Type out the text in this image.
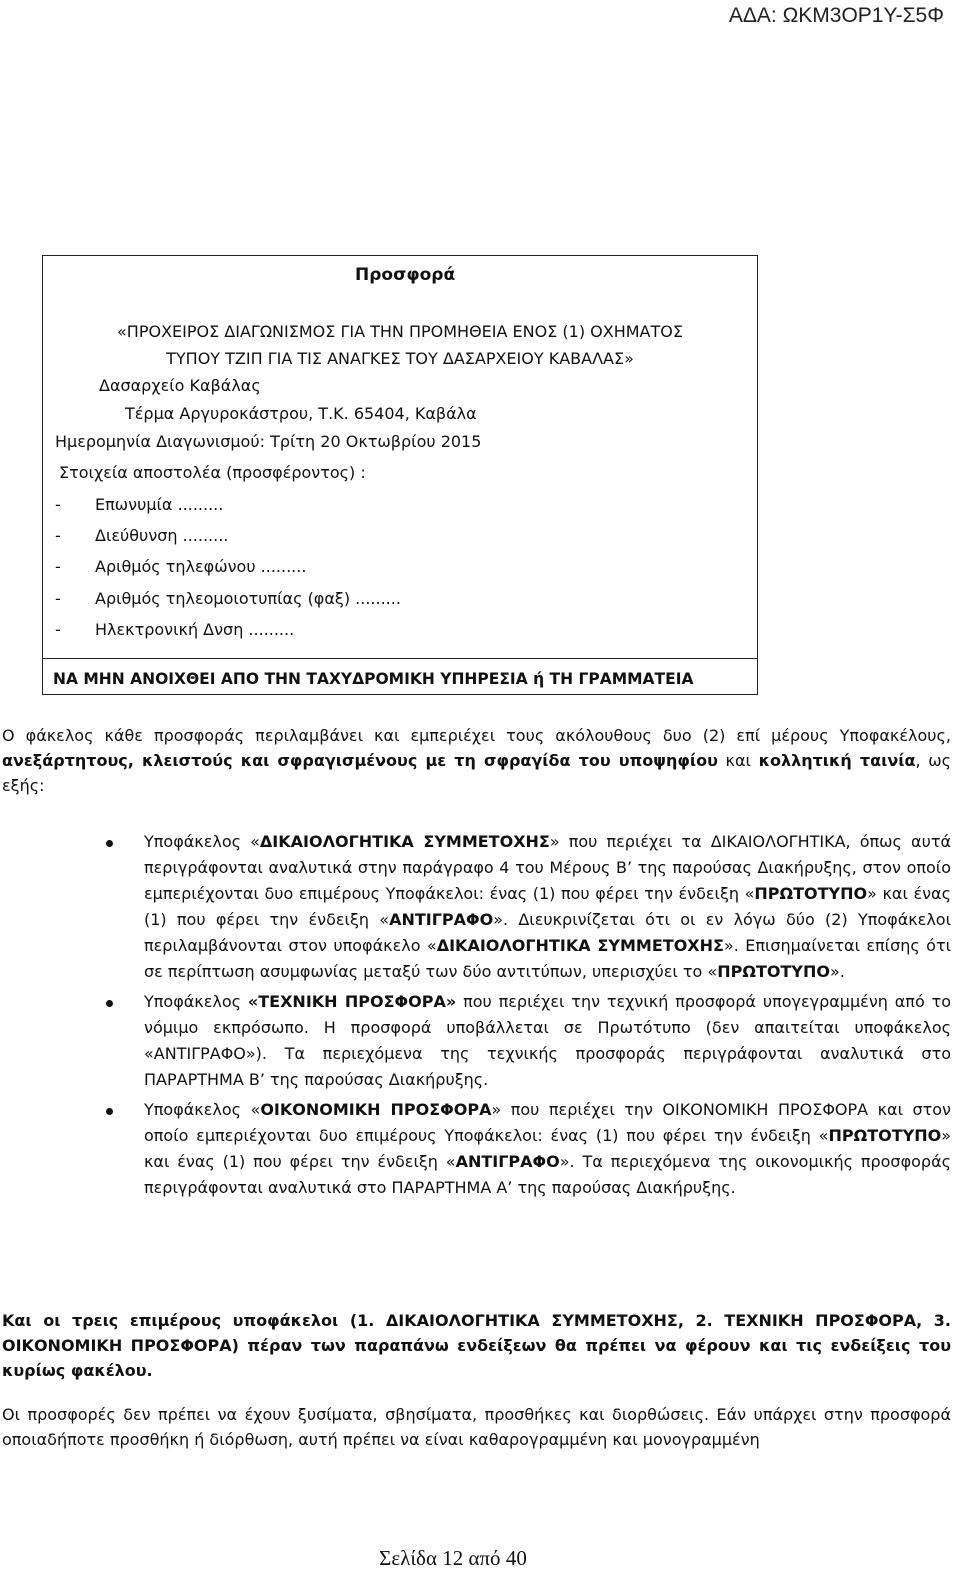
ΑΔΑ: ΩΚΜ3ΟΡ1Υ-Σ5Φ
Προσφορά
«ΠΡΟΧΕΙΡΟΣ ΔΙΑΓΩΝΙΣΜΟΣ ΓΙΑ ΤΗΝ ΠΡΟΜΗΘΕΙΑ ΕΝΟΣ (1) ΟΧΗΜΑΤΟΣ
ΤΥΠΟΥ ΤΖΙΠ ΓΙΑ ΤΙΣ ΑΝΑΓΚΕΣ ΤΟΥ ΔΑΣΑΡΧΕΙΟΥ ΚΑΒΑΛΑΣ»
Δασαρχείο Καβάλας
Τέρμα Αργυροκάστρου, Τ.Κ. 65404, Καβάλα
Ημερομηνία Διαγωνισμού: Τρίτη 20 Οκτωβρίου 2015
Στοιχεία αποστολέα (προσφέροντος) :
- Επωνυμία .........
- Διεύθυνση .........
- Αριθμός τηλεφώνου .........
- Αριθμός τηλεομοιοτυπίας (φαξ) .........
- Ηλεκτρονική Δνση .........
ΝΑ ΜΗΝ ΑΝΟΙΧΘΕΙ ΑΠΟ ΤΗΝ ΤΑΧΥΔΡΟΜΙΚΗ ΥΠΗΡΕΣΙΑ ή ΤΗ ΓΡΑΜΜΑΤΕΙΑ
Ο φάκελος κάθε προσφοράς περιλαμβάνει και εμπεριέχει τους ακόλουθους δυο (2) επί μέρους Υποφακέλους, ανεξάρτητους, κλειστούς και σφραγισμένους με τη σφραγίδα του υποψηφίου και κολλητική ταινία, ως εξής:
Υποφάκελος «ΔΙΚΑΙΟΛΟΓΗΤΙΚΑ ΣΥΜΜΕΤΟΧΗΣ» που περιέχει τα ΔΙΚΑΙΟΛΟΓΗΤΙΚΑ, όπως αυτά περιγράφονται αναλυτικά στην παράγραφο 4 του Μέρους Β’ της παρούσας Διακήρυξης, στον οποίο εμπεριέχονται δυο επιμέρους Υποφάκελοι: ένας (1) που φέρει την ένδειξη «ΠΡΩΤΟΤΥΠΟ» και ένας (1) που φέρει την ένδειξη «ΑΝΤΙΓΡΑΦΟ». Διευκρινίζεται ότι οι εν λόγω δύο (2) Υποφάκελοι περιλαμβάνονται στον υποφάκελο «ΔΙΚΑΙΟΛΟΓΗΤΙΚΑ ΣΥΜΜΕΤΟΧΗΣ». Επισημαίνεται επίσης ότι σε περίπτωση ασυμφωνίας μεταξύ των δύο αντιτύπων, υπερισχύει το «ΠΡΩΤΟΤΥΠΟ».
Υποφάκελος «ΤΕΧΝΙΚΗ ΠΡΟΣΦΟΡΑ» που περιέχει την τεχνική προσφορά υπογεγραμμένη από το νόμιμο εκπρόσωπο. Η προσφορά υποβάλλεται σε Πρωτότυπο (δεν απαιτείται υποφάκελος «ΑΝΤΙΓΡΑΦΟ»). Τα περιεχόμενα της τεχνικής προσφοράς περιγράφονται αναλυτικά στο ΠΑΡΑΡΤΗΜΑ Β’ της παρούσας Διακήρυξης.
Υποφάκελος «ΟΙΚΟΝΟΜΙΚΗ ΠΡΟΣΦΟΡΑ» που περιέχει την ΟΙΚΟΝΟΜΙΚΗ ΠΡΟΣΦΟΡΑ και στον οποίο εμπεριέχονται δυο επιμέρους Υποφάκελοι: ένας (1) που φέρει την ένδειξη «ΠΡΩΤΟΤΥΠΟ» και ένας (1) που φέρει την ένδειξη «ΑΝΤΙΓΡΑΦΟ». Τα περιεχόμενα της οικονομικής προσφοράς περιγράφονται αναλυτικά στο ΠΑΡΑΡΤΗΜΑ Α’ της παρούσας Διακήρυξης.
Και οι τρεις επιμέρους υποφάκελοι (1. ΔΙΚΑΙΟΛΟΓΗΤΙΚΑ ΣΥΜΜΕΤΟΧΗΣ, 2. ΤΕΧΝΙΚΗ ΠΡΟΣΦΟΡΑ, 3. ΟΙΚΟΝΟΜΙΚΗ ΠΡΟΣΦΟΡΑ) πέραν των παραπάνω ενδείξεων θα πρέπει να φέρουν και τις ενδείξεις του κυρίως φακέλου.
Οι προσφορές δεν πρέπει να έχουν ξυσίματα, σβησίματα, προσθήκες και διορθώσεις. Εάν υπάρχει στην προσφορά οποιαδήποτε προσθήκη ή διόρθωση, αυτή πρέπει να είναι καθαρογραμμένη και μονογραμμένη
Σελίδα 12 από 40
